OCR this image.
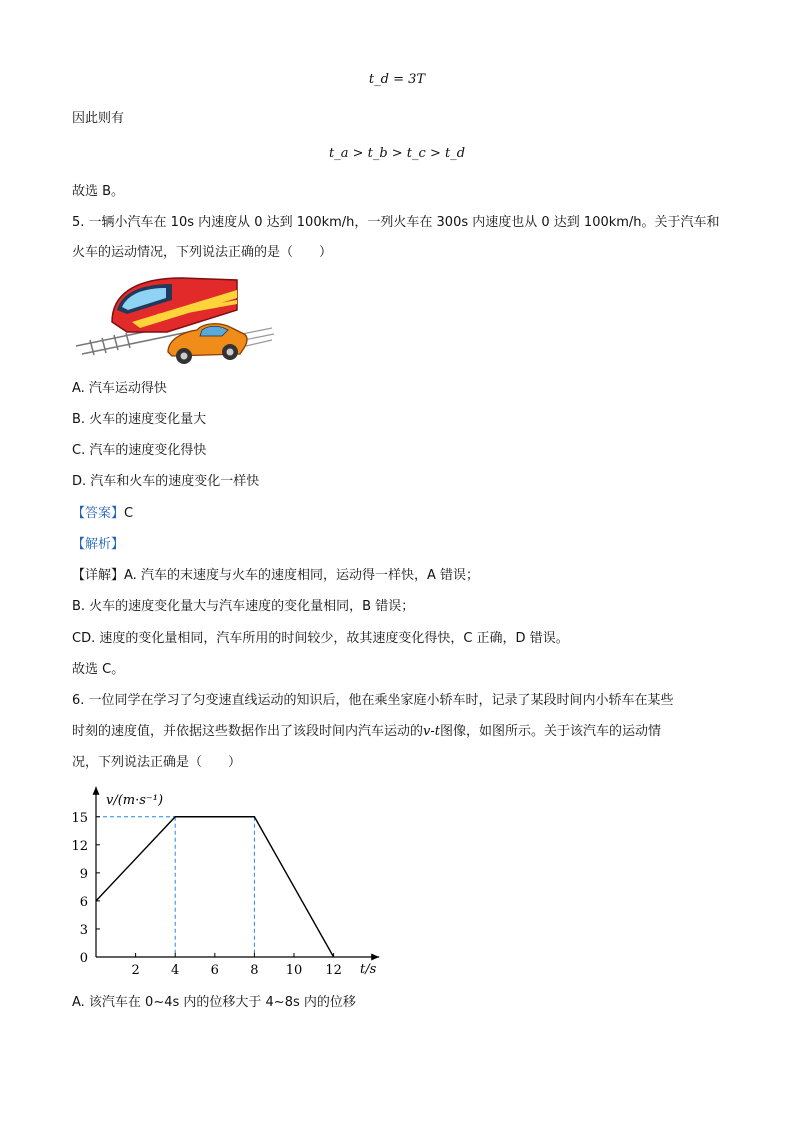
t_d = 3T
因此则有
t_a > t_b > t_c > t_d
故选 B。
5. 一辆小汽车在 10s 内速度从 0 达到 100km/h，一列火车在 300s 内速度也从 0 达到 100km/h。关于汽车和
火车的运动情况，下列说法正确的是（　　）
A. 汽车运动得快
B. 火车的速度变化量大
C. 汽车的速度变化得快
D. 汽车和火车的速度变化一样快
【答案】C
【解析】
【详解】A. 汽车的末速度与火车的速度相同，运动得一样快，A 错误；
B. 火车的速度变化量大与汽车速度的变化量相同，B 错误；
CD. 速度的变化量相同，汽车所用的时间较少，故其速度变化得快，C 正确，D 错误。
故选 C。
6. 一位同学在学习了匀变速直线运动的知识后，他在乘坐家庭小轿车时，记录了某段时间内小轿车在某些
时刻的速度值，并依据这些数据作出了该段时间内汽车运动的v-t图像，如图所示。关于该汽车的运动情
况，下列说法正确是（　　）
2 4 6 8 10 12
0
3
6
9
12
15
v/(m·s⁻¹)
t/s
A. 该汽车在 0~4s 内的位移大于 4~8s 内的位移
